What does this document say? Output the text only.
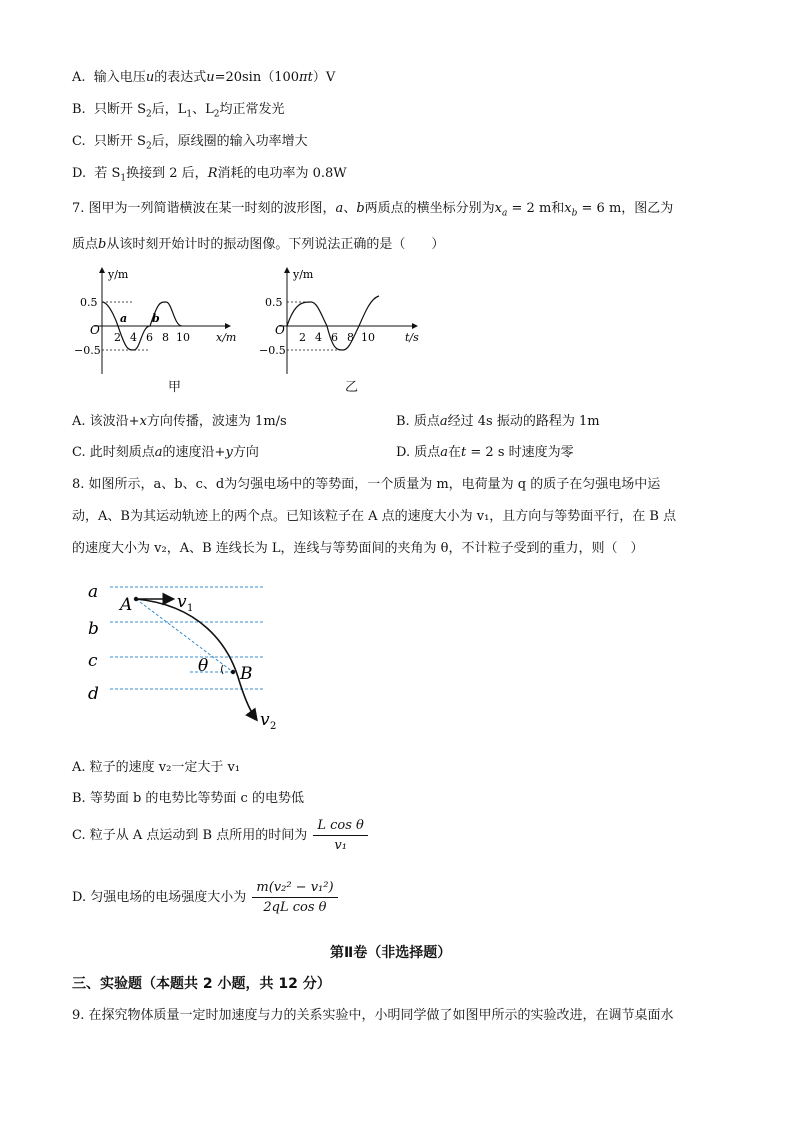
A. 输入电压u的表达式u=20sin（100πt）V
B. 只断开 $S_2$后，$L_1$、$L_2$均正常发光
C. 只断开 $S_2$后，原线圈的输入功率增大
D. 若 $S_1$换接到 2 后，R消耗的电功率为 0.8W
7. 图甲为一列简谐横波在某一时刻的波形图，a、b两质点的横坐标分别为$x_a = 2$ m和$x_b = 6$ m，图乙为
质点b从该时刻开始计时的振动图像。下列说法正确的是（　　）
y/m
x/m
O
0.5
−0.5
2 4 6 8 10
a b
甲
y/m
t/s
O
0.5
−0.5
2 4 6 8 10
乙
A. 该波沿+x方向传播，波速为 1m/s	B. 质点a经过 4s 振动的路程为 1m
C. 此时刻质点a的速度沿+y方向	D. 质点a在t = 2 s 时速度为零
8. 如图所示，a、b、c、d为匀强电场中的等势面，一个质量为 m，电荷量为 q 的质子在匀强电场中运
动，A、B为其运动轨迹上的两个点。已知该粒子在 A 点的速度大小为 v₁，且方向与等势面平行，在 B 点
的速度大小为 v₂，A、B 连线长为 L，连线与等势面间的夹角为 θ，不计粒子受到的重力，则（　）
a
b
c
d
A
B
v 1
v 2
θ
A. 粒子的速度 v₂一定大于 v₁
B. 等势面 b 的电势比等势面 c 的电势低
C. 粒子从 A 点运动到 B 点所用的时间为 $\frac{\text{L cos θ}}{\text{v₁}}$
D. 匀强电场的电场强度大小为 $\frac{\text{m(v₂² − v₁²)}}{\text{2qL cos θ}}$
第Ⅱ卷（非选择题）
三、实验题（本题共 2 小题，共 12 分）
9. 在探究物体质量一定时加速度与力的关系实验中，小明同学做了如图甲所示的实验改进，在调节桌面水
